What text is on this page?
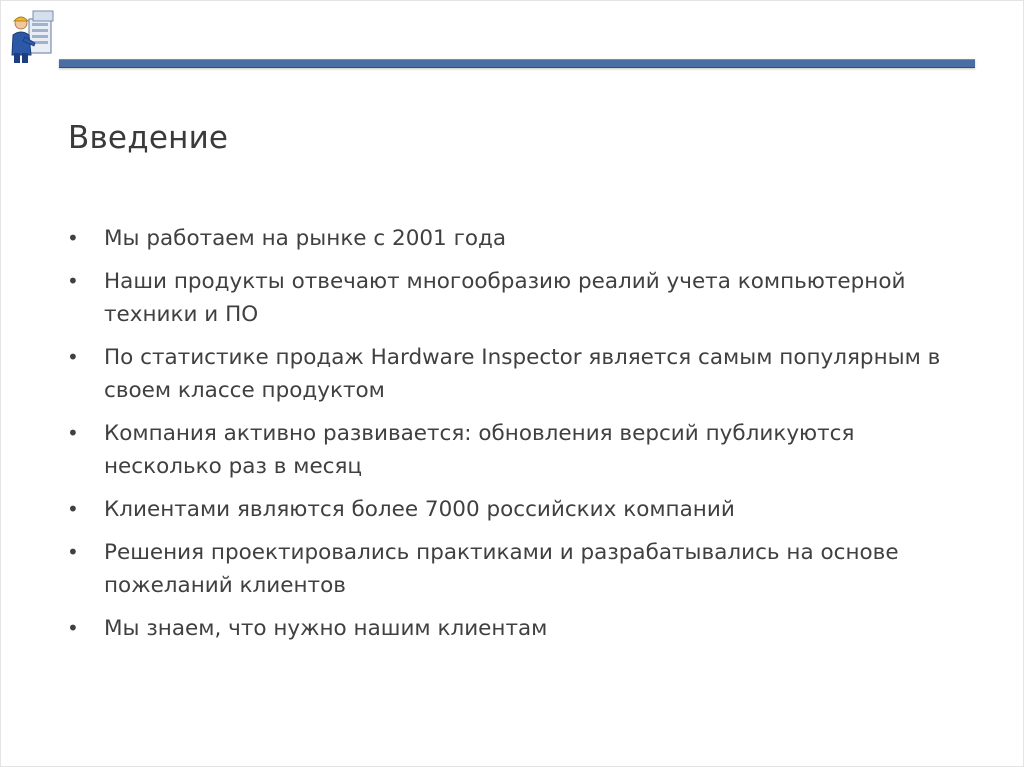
Введение
• Мы работаем на рынке с 2001 года
• Наши продукты отвечают многообразию реалий учета компьютерной техники и ПО
• По статистике продаж Hardware Inspector является самым популярным в своем классе продуктом
• Компания активно развивается: обновления версий публикуются несколько раз в месяц
• Клиентами являются более 7000 российских компаний
• Решения проектировались практиками и разрабатывались на основе пожеланий клиентов
• Мы знаем, что нужно нашим клиентам
